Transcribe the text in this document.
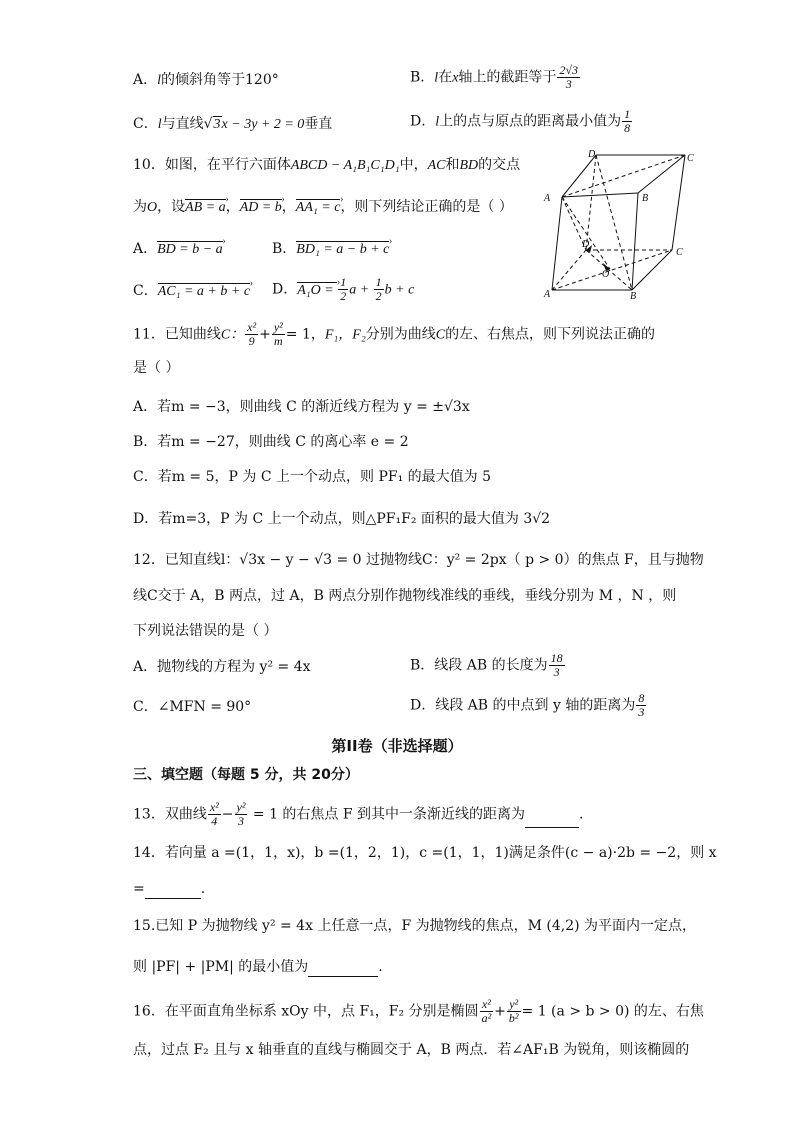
A．l的倾斜角等于120°	B．l在x轴上的截距等于 $\frac{2√3}{3}$
C．l与直线√3x − 3y + 2 = 0垂直	D．l上的点与原点的距离最小值为 $\frac{1}{8}$
10．如图，在平行六面体ABCD − A₁B₁C₁D₁中，AC和BD的交点
为O，设AB = a ›，AD = b ›，AA₁ = c ›，则下列结论正确的是（ ）
A．BD = b − a ›	B．BD₁ = a − b + c ›
C．AC₁ = a + b + c › D．A₁O = › $\frac{1}{2}$ $a + \frac{1}{2}$ b + c
D	C
A	B
D
C
A	B
O
11．已知曲线C： $\frac{\text{x²}}{9} + \frac{\text{y²}}{m} = 1$，F₁，F₂分别为曲线C的左、右焦点，则下列说法正确的
是（ ）
A．若m = −3，则曲线 C 的渐近线方程为 y = ±√3x
B．若m = −27，则曲线 C 的离心率 e = 2
C．若m = 5，P 为 C 上一个动点，则 PF₁ 的最大值为 5
D．若m=3，P 为 C 上一个动点，则△PF₁F₂ 面积的最大值为 3√2
12．已知直线l：√3x − y − √3 = 0 过抛物线C：y² = 2px（ p > 0）的焦点 F，且与抛物
线C交于 A，B 两点，过 A，B 两点分别作抛物线准线的垂线，垂线分别为 M ，N ，则
下列说法错误的是（ ）
A．抛物线的方程为 y² = 4x	B．线段 AB 的长度为 $\frac{18}{3}$
C．∠MFN = 90°	D．线段 AB 的中点到 y 轴的距离为 $\frac{8}{3}$
第II卷（非选择题）
三、填空题（每题 5 分，共 20分）
13．双曲线 $\frac{\text{x²}}{4} - \frac{\text{y²}}{3} = 1$ 的右焦点 F 到其中一条渐近线的距离为	.
14．若向量 a =(1，1，x)，b =(1，2，1)，c =(1，1，1)满足条件(c − a)·2b = −2，则 x
=	.
15.已知 P 为抛物线 y² = 4x 上任意一点，F 为抛物线的焦点，M (4,2) 为平面内一定点，
则 |PF| + |PM| 的最小值为	.
16．在平面直角坐标系 xOy 中，点 F₁，F₂ 分别是椭圆 $\frac{\text{x²}}{\text{a²}} + \frac{\text{y²}}{\text{b²}} = 1$ (a > b > 0) 的左、右焦
点，过点 F₂ 且与 x 轴垂直的直线与椭圆交于 A，B 两点．若∠AF₁B 为锐角，则该椭圆的
